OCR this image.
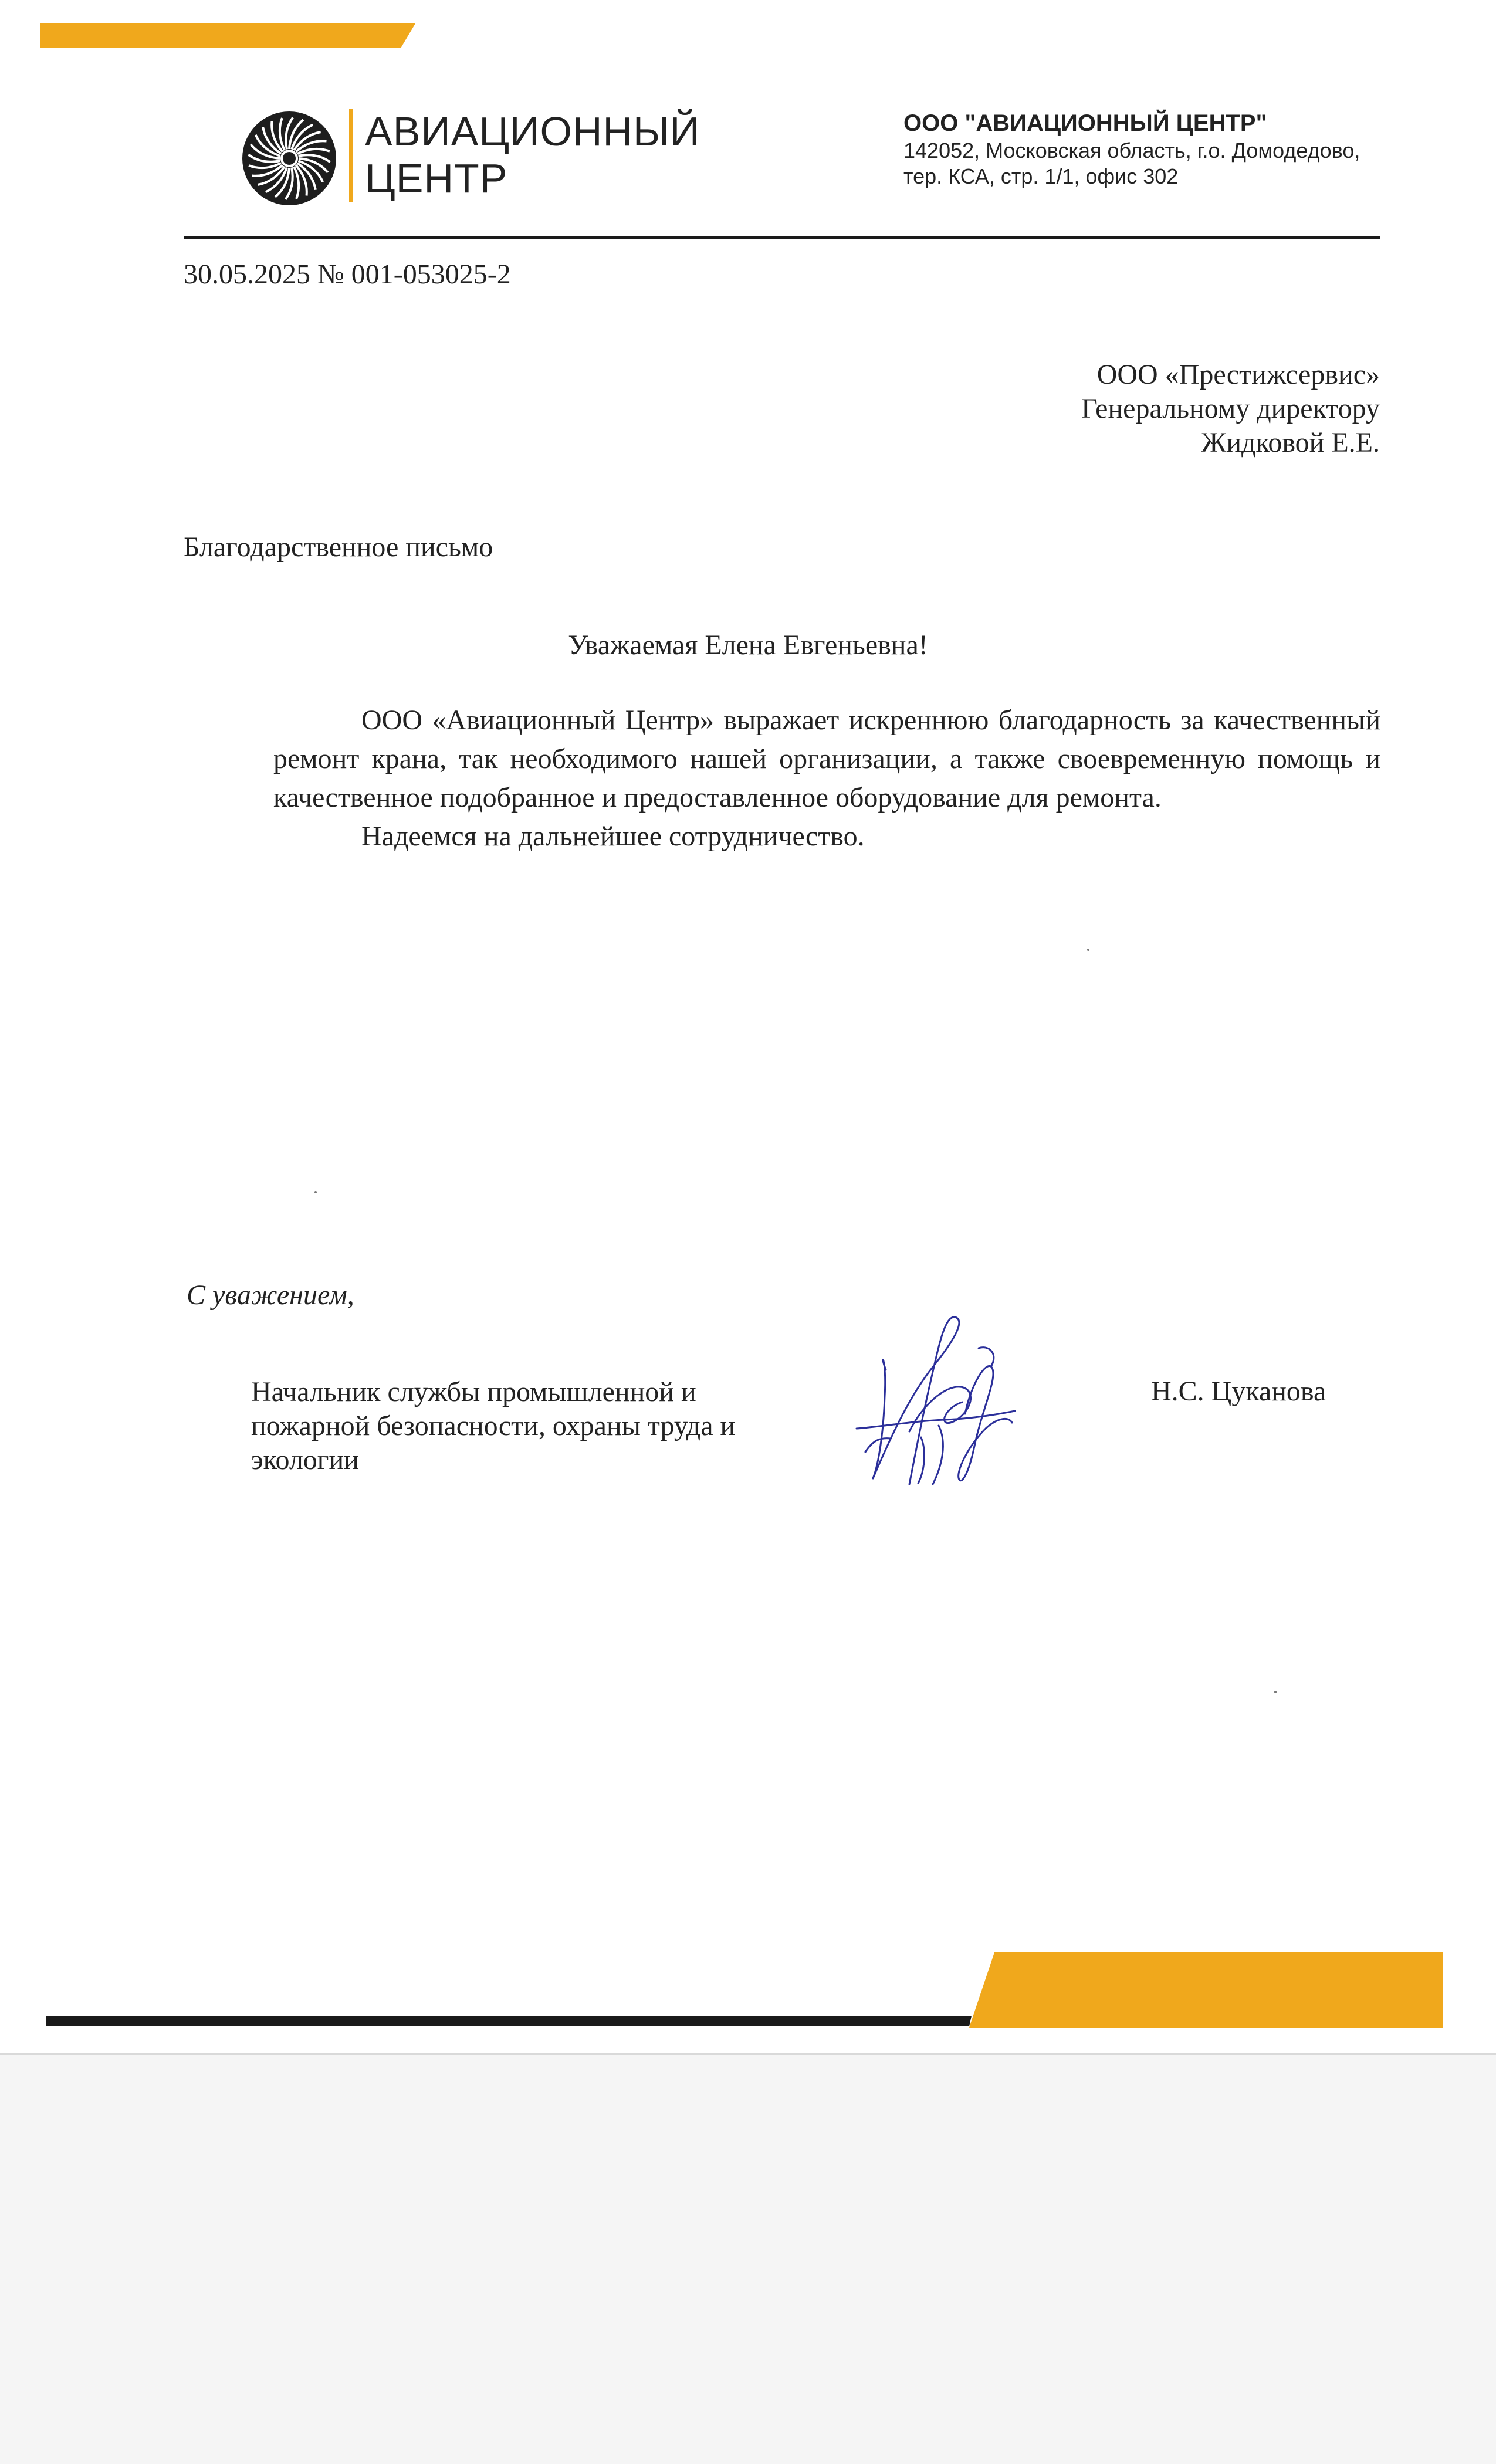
АВИАЦИОННЫЙ
ЦЕНТР
ООО "АВИАЦИОННЫЙ ЦЕНТР"
142052, Московская область, г.о. Домодедово,
тер. КСА, стр. 1/1, офис 302
30.05.2025 № 001-053025-2
ООО «Престижсервис»
Генеральному директору
Жидковой Е.Е.
Благодарственное письмо
Уважаемая Елена Евгеньевна!

ООО «Авиационный Центр» выражает искреннюю благодарность за качественный ремонт крана, так необходимого нашей организации, а также своевременную помощь и качественное подобранное и предоставленное оборудование для ремонта.

Надеемся на дальнейшее сотрудничество.

С уважением,
Начальник службы промышленной и
пожарной безопасности, охраны труда и
экологии
Н.С. Цуканова
